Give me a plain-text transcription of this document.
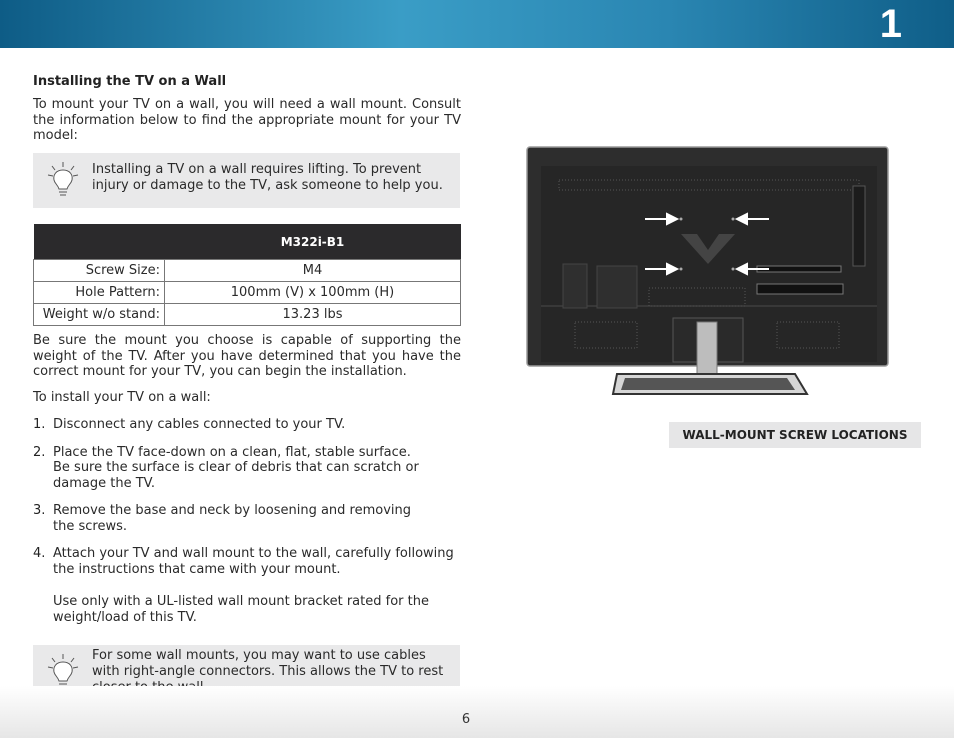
1
Installing the TV on a Wall
To mount your TV on a wall, you will need a wall mount. Consult the information below to find the appropriate mount for your TV model:
Installing a TV on a wall requires lifting. To prevent injury or damage to the TV, ask someone to help you.
	M322i-B1
Screw Size:	M4
Hole Pattern:	100mm (V) x 100mm (H)
Weight w/o stand:	13.23 lbs
Be sure the mount you choose is capable of supporting the weight of the TV. After you have determined that you have the correct mount for your TV, you can begin the installation.
To install your TV on a wall:
1. Disconnect any cables connected to your TV.
2. Place the TV face-down on a clean, flat, stable surface.
Be sure the surface is clear of debris that can scratch or damage the TV.
3. Remove the base and neck by loosening and removing the screws.
4. Attach your TV and wall mount to the wall, carefully following the instructions that came with your mount.
Use only with a UL-listed wall mount bracket rated for the weight/load of this TV.
For some wall mounts, you may want to use cables with right-angle connectors. This allows the TV to rest
WALL-MOUNT SCREW LOCATIONS
6
